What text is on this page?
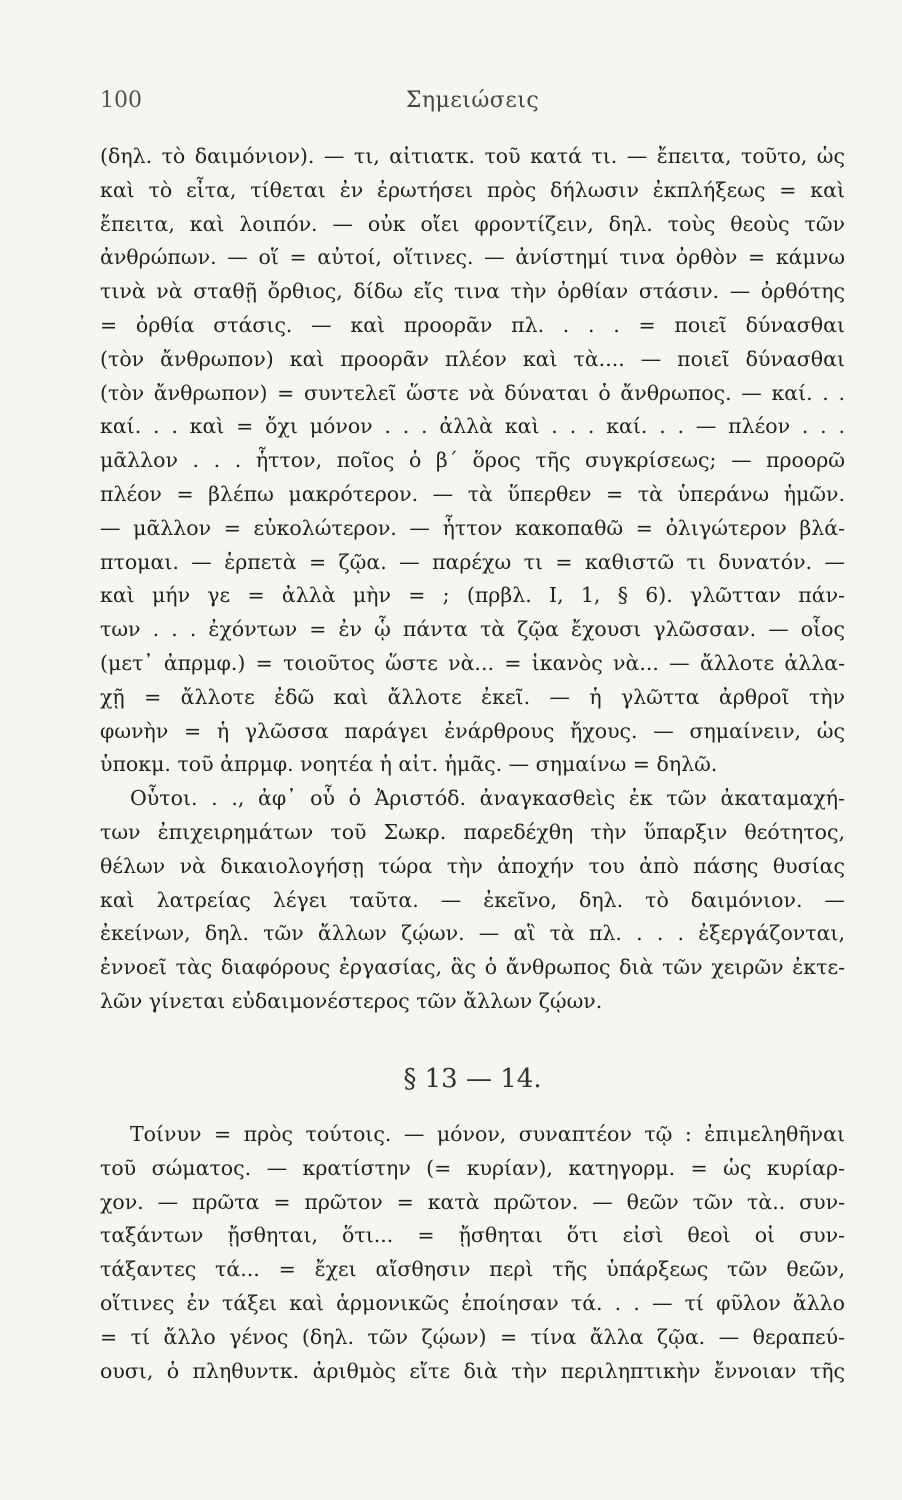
100	Σημειώσεις
(δηλ. τὸ δαιμόνιον). — τι, αἰτιατκ. τοῦ κατά τι. — ἔπειτα, τοῦτο, ὡς
καὶ τὸ εἶτα, τίθεται ἐν ἐρωτήσει πρὸς δήλωσιν ἐκπλήξεως = καὶ
ἔπειτα, καὶ λοιπόν. — οὐκ οἴει φροντίζειν, δηλ. τοὺς θεοὺς τῶν
ἀνθρώπων. — οἵ = αὐτοί, οἵτινες. — ἀνίστημί τινα ὀρθὸν = κάμνω
τινὰ νὰ σταθῇ ὄρθιος, δίδω εἴς τινα τὴν ὀρθίαν στάσιν. — ὀρθότης
= ὀρθία στάσις. — καὶ προορᾶν πλ. . . . = ποιεῖ δύνασθαι
(τὸν ἄνθρωπον) καὶ προορᾶν πλέον καὶ τὰ.... — ποιεῖ δύνασθαι
(τὸν ἄνθρωπον) = συντελεῖ ὥστε νὰ δύναται ὁ ἄνθρωπος. — καί. . .
καί. . . καὶ = ὄχι μόνον . . . ἀλλὰ καὶ . . . καί. . . — πλέον . . .
μᾶλλον . . . ἧττον, ποῖος ὁ β΄ ὅρος τῆς συγκρίσεως; — προορῶ
πλέον = βλέπω μακρότερον. — τὰ ὕπερθεν = τὰ ὑπεράνω ἡμῶν.
— μᾶλλον = εὐκολώτερον. — ἧττον κακοπαθῶ = ὀλιγώτερον βλά-
πτομαι. — ἑρπετὰ = ζῷα. — παρέχω τι = καθιστῶ τι δυνατόν. —
καὶ μήν γε = ἀλλὰ μὴν = ; (πρβλ. I, 1, § 6). γλῶτταν πάν-
των . . . ἐχόντων = ἐν ᾧ πάντα τὰ ζῷα ἔχουσι γλῶσσαν. — οἷος
(μετ᾽ ἀπρμφ.) = τοιοῦτος ὥστε νὰ... = ἱκανὸς νὰ... — ἄλλοτε ἀλλα-
χῇ = ἄλλοτε ἐδῶ καὶ ἄλλοτε ἐκεῖ. — ἡ γλῶττα ἀρθροῖ τὴν
φωνὴν = ἡ γλῶσσα παράγει ἐνάρθρους ἤχους. — σημαίνειν, ὡς
ὑποκμ. τοῦ ἀπρμφ. νοητέα ἡ αἰτ. ἡμᾶς. — σημαίνω = δηλῶ.
Οὗτοι. . ., ἀφ᾽ οὗ ὁ Ἀριστόδ. ἀναγκασθεὶς ἐκ τῶν ἀκαταμαχή-
των ἐπιχειρημάτων τοῦ Σωκρ. παρεδέχθη τὴν ὕπαρξιν θεότητος,
θέλων νὰ δικαιολογήσῃ τώρα τὴν ἀποχήν του ἀπὸ πάσης θυσίας
καὶ λατρείας λέγει ταῦτα. — ἐκεῖνο, δηλ. τὸ δαιμόνιον. —
ἐκείνων, δηλ. τῶν ἄλλων ζῴων. — αἳ τὰ πλ. . . . ἐξεργάζονται,
ἐννοεῖ τὰς διαφόρους ἐργασίας, ἃς ὁ ἄνθρωπος διὰ τῶν χειρῶν ἐκτε-
λῶν γίνεται εὐδαιμονέστερος τῶν ἄλλων ζῴων.
§ 13 — 14.
Τοίνυν = πρὸς τούτοις. — μόνον, συναπτέον τῷ : ἐπιμεληθῆναι
τοῦ σώματος. — κρατίστην (= κυρίαν), κατηγορμ. = ὡς κυρίαρ-
χον. — πρῶτα = πρῶτον = κατὰ πρῶτον. — θεῶν τῶν τὰ.. συν-
ταξάντων ᾔσθηται, ὅτι... = ᾔσθηται ὅτι εἰσὶ θεοὶ οἱ συν-
τάξαντες τά... = ἔχει αἴσθησιν περὶ τῆς ὑπάρξεως τῶν θεῶν,
οἵτινες ἐν τάξει καὶ ἁρμονικῶς ἐποίησαν τά. . . — τί φῦλον ἄλλο
= τί ἄλλο γένος (δηλ. τῶν ζῴων) = τίνα ἄλλα ζῷα. — θεραπεύ-
ουσι, ὁ πληθυντκ. ἀριθμὸς εἴτε διὰ τὴν περιληπτικὴν ἔννοιαν τῆς
